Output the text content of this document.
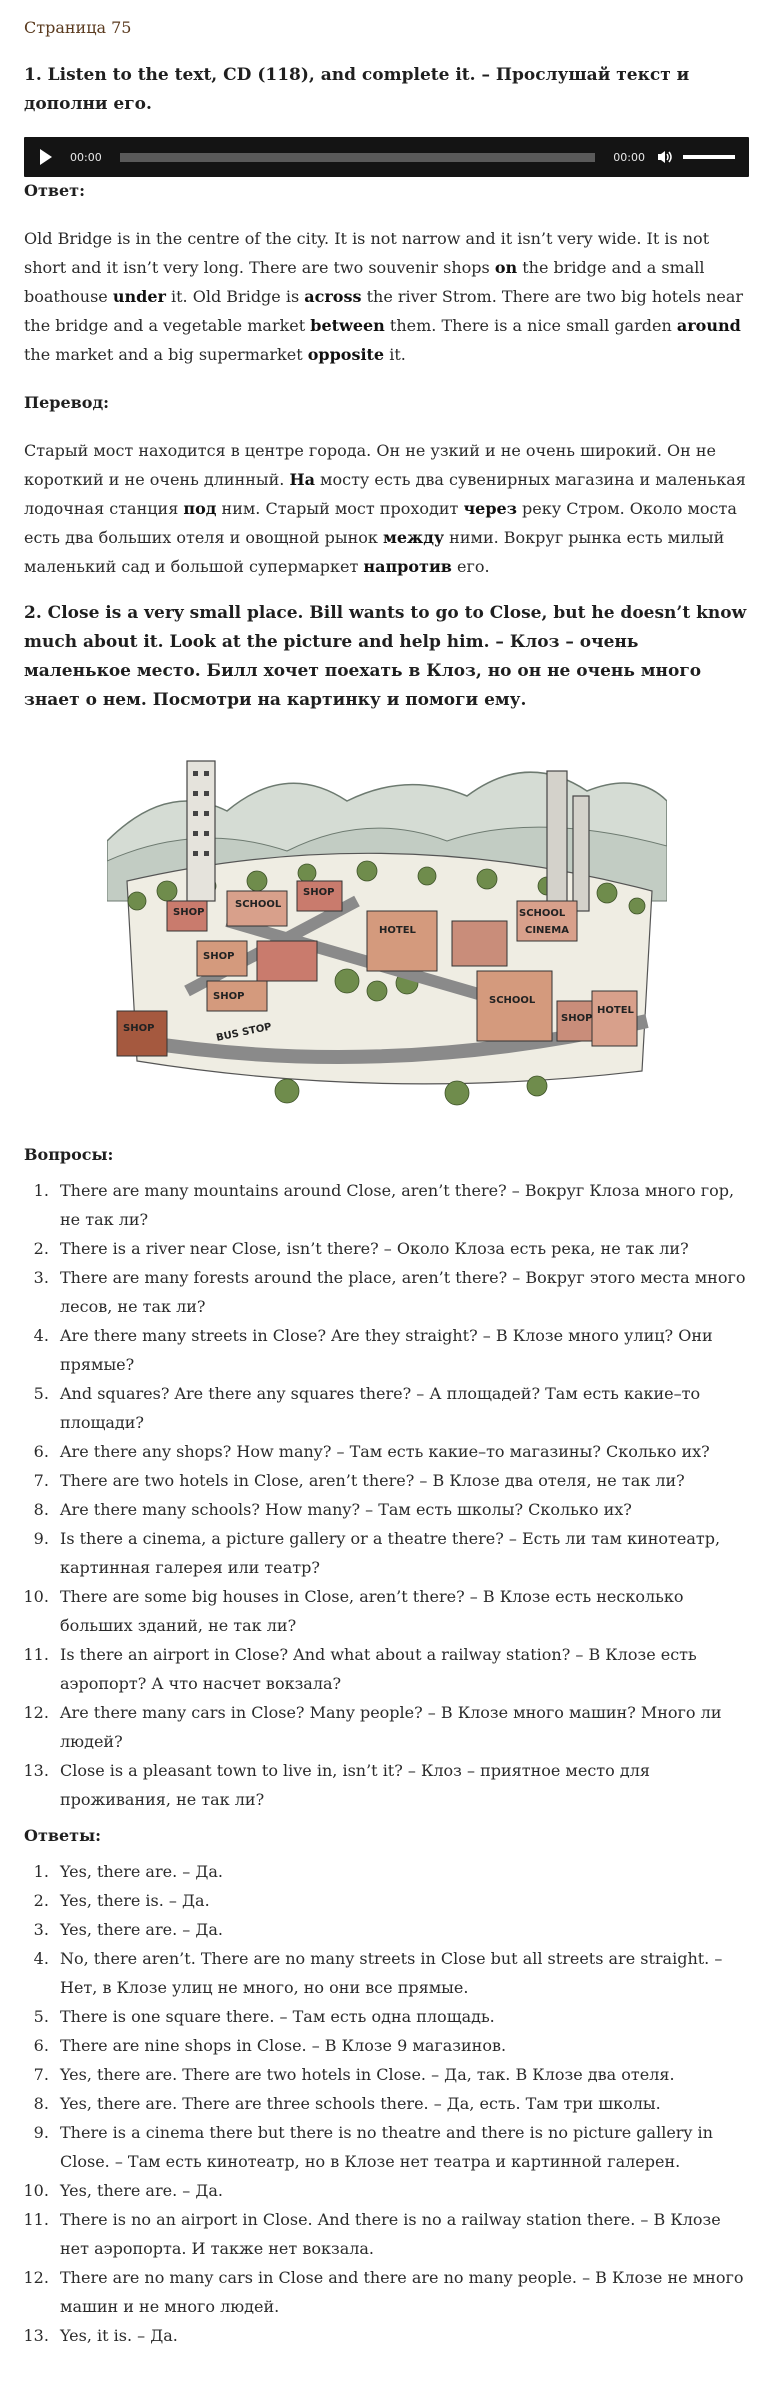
Страница 75

1. Listen to the text, CD (118), and complete it. – Прослушай текст и дополни его.

00:00	00:00

Ответ:

Old Bridge is in the centre of the city. It is not narrow and it isn’t very wide. It is not short and it isn’t very long. There are two souvenir shops on the bridge and a small boathouse under it. Old Bridge is across the river Strom. There are two big hotels near the bridge and a vegetable market between them. There is a nice small garden around the market and a big supermarket opposite it.

Перевод:

Старый мост находится в центре города. Он не узкий и не очень широкий. Он не короткий и не очень длинный. На мосту есть два сувенирных магазина и маленькая лодочная станция под ним. Старый мост проходит через реку Стром. Около моста есть два больших отеля и овощной рынок между ними. Вокруг рынка есть милый маленький сад и большой супермаркет напротив его.

2. Close is a very small place. Bill wants to go to Close, but he doesn’t know much about it. Look at the picture and help him. – Клоз – очень маленькое место. Билл хочет поехать в Клоз, но он не очень много знает о нем. Посмотри на картинку и помоги ему.

SHOP
SCHOOL
SHOP
HOTEL
SCHOOL
CINEMA
SHOP
SHOP	SCHOOL
SHOP
HOTEL
SHOP	BUS STOP

Вопросы:

1. There are many mountains around Close, aren’t there? – Вокруг Клоза много гор, не так ли?
2. There is a river near Close, isn’t there? – Около Клоза есть река, не так ли?
3. There are many forests around the place, aren’t there? – Вокруг этого места много лесов, не так ли?
4. Are there many streets in Close? Are they straight? – В Клозе много улиц? Они прямые?
5. And squares? Are there any squares there? – А площадей? Там есть какие–то площади?
6. Are there any shops? How many? – Там есть какие–то магазины? Сколько их?
7. There are two hotels in Close, aren’t there? – В Клозе два отеля, не так ли?
8. Are there many schools? How many? – Там есть школы? Сколько их?
9. Is there a cinema, a picture gallery or a theatre there? – Есть ли там кинотеатр, картинная галерея или театр?
10. There are some big houses in Close, aren’t there? – В Клозе есть несколько больших зданий, не так ли?
11. Is there an airport in Close? And what about a railway station? – В Клозе есть аэропорт? А что насчет вокзала?
12. Are there many cars in Close? Many people? – В Клозе много машин? Много ли людей?
13. Close is a pleasant town to live in, isn’t it? – Клоз – приятное место для проживания, не так ли?

Ответы:

1. Yes, there are. – Да.
2. Yes, there is. – Да.
3. Yes, there are. – Да.
4. No, there aren’t. There are no many streets in Close but all streets are straight. – Нет, в Клозе улиц не много, но они все прямые.
5. There is one square there. – Там есть одна площадь.
6. There are nine shops in Close. – В Клозе 9 магазинов.
7. Yes, there are. There are two hotels in Close. – Да, так. В Клозе два отеля.
8. Yes, there are. There are three schools there. – Да, есть. Там три школы.
9. There is a cinema there but there is no theatre and there is no picture gallery in Close. – Там есть кинотеатр, но в Клозе нет театра и картинной галерен.
10. Yes, there are. – Да.
11. There is no an airport in Close. And there is no a railway station there. – В Клозе нет аэропорта. И также нет вокзала.
12. There are no many cars in Close and there are no many people. – В Клозе не много машин и не много людей.
13. Yes, it is. – Да.
